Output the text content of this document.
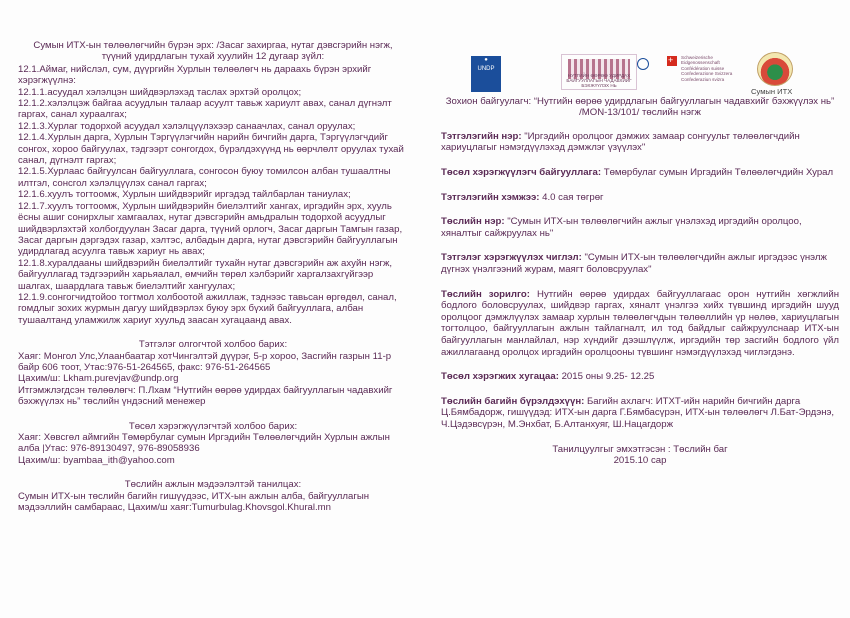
Сумын ИТХ-ын төлөөлөгчийн бүрэн эрх: /Засаг захиргаа, нутаг дэвсгэрийн нэгж, түүний удирдлагын тухай хуулийн 12 дугаар зүйл:

12.1.Аймаг, нийслэл, сум, дүүргийн Хурлын төлөөлөгч нь дараахь бүрэн эрхийг хэрэгжүүлнэ:

12.1.1.асуудал хэлэлцэн шийдвэрлэхэд таслах эрхтэй оролцох;

12.1.2.хэлэлцэж байгаа асуудлын талаар асуулт тавьж хариулт авах, санал дүгнэлт гаргах, санал хураалгах;

12.1.3.Хурлаг тодорхой асуудал хэлэлцүүлэхээр санаачлах, санал оруулах;

12.1.4.Хурлын дарга, Хурлын Тэргүүлэгчийн нарийн бичгийн дарга, Тэргүүлэгчдийг сонгох, хороо байгуулах, тэдгээрт сонгогдох, бүрэлдэхүүнд нь өөрчлөлт оруулах тухай санал, дүгнэлт гаргах;

12.1.5.Хурлаас байгуулсан байгууллага, сонгосон буюу томилсон албан тушаалтны илтгэл, сонсгол хэлэлцүүлэх санал гаргах;

12.1.6.хуулъ тогтоомж, Хурлын шийдвэрийг иргэдэд тайлбарлан таниулах;

12.1.7.хуулъ тогтоомж, Хурлын шийдвэрийн биелэлтийг хангах, иргэдийн эрх, хууль ёсны ашиг сонирхлыг хамгаалах, нутаг дэвсгэрийн амьдралын тодорхой асуудлыг шийдвэрлэхтэй холбогдуулан Засаг дарга, түүний орлогч, Засаг даргын Тамгын газар, Засаг даргын дэргэдэх газар, хэлтэс, албадын дарга, нутаг дэвсгэрийн байгууллагын удирдлагад асуулга тавьж хариуг нь авах;

12.1.8.хуралдааны шийдвэрийн биелэлтийг тухайн нутаг дэвсгэрийн аж ахуйн нэгж, байгууллагад тэдгээрийн харьяалал, өмчийн төрөл хэлбэрийг харгалзахгүйгээр шалгах, шаардлага тавьж биелэлтийг хангуулах;

12.1.9.сонгогчидтойоо тогтмол холбоотой ажиллаж, тэднээс тавьсан өргөдөл, санал, гомдлыг зохих журмын дагуу шийдвэрлэх буюу эрх бүхий байгууллага, албан тушаалтанд уламжилж хариуг хуульд заасан хугацаанд авах.

Тэтгэлэг олгогчтой холбоо барих:

Хаяг: Монгол Улс,Улаанбаатар хотЧингэлтэй дүүрэг, 5-р хороо, Засгийн газрын 11-р байр 606 тоот, Утас:976-51-264565, факс: 976-51-264565

Цахим/ш: Lkham.purevjav@undp.org

Итгэмжлэгдсэн төлөөлөгч: П.Лхам “Нутгийн өөрөө удирдах байгууллагын чадавхийг бэхжүүлэх нь” төслийн үндэсний менежер

Төсөл хэрэгжүүлэгчтэй холбоо барих:

Хаяг: Хөвсгөл аймгийн Төмөрбулаг сумын Иргэдийн Төлөөлөгчдийн Хурлын ажлын алба |Утас: 976-89130497, 976-89058936

Цахим/ш: byambaa_ith@yahoo.com

Төслийн ажлын мэдээлэлтэй танилцах:

Сумын ИТХ-ын төслийн багийн гишүүдээс, ИТХ-ын ажлын алба, байгууллагын мэдээллийн самбараас, Цахим/ш хаяг:Tumurbulag.Khovsgol.Khural.mn

●
UNDP
НУТГИЙН ӨӨРӨӨ УДИРДАХ БАЙГУУЛЛАГЫН ЧАДАВХИЙГ БЭХЖҮҮЛЭХ НЬ
+
Schweizerische Eidgenossenschaft Confédération suisse Confederazione Svizzera Confederaziun svizra
Сумын ИТХ

Зохион байгуулагч: “Нутгийн өөрөө удирдлагын байгууллагын чадавхийг бэхжүүлэх нь” /MON-13/101/ төслийн нэгж

Тэтгэлэгийн нэр: "Иргэдийн оролцоог дэмжих замаар сонгуульт төлөөлөгчдийн хариуцлагыг нэмэгдүүлэхэд дэмжлэг үзүүлэх"
Төсөл хэрэгжүүлэгч байгууллага: Төмөрбулаг сумын Иргэдийн Төлөөлөгчдийн Хурал
Тэтгэлэгийн хэмжээ: 4.0 сая төгрөг
Төслийн нэр: "Сумын ИТХ-ын төлөөлөгчийн ажлыг үнэлэхэд иргэдийн оролцоо, хяналтыг сайжруулах нь"
Тэтгэлэг хэрэгжүүлэх чиглэл: "Сумын ИТХ-ын төлөөлөгчдийн ажлыг иргэдээс үнэлж дүгнэх үнэлгээний журам, маягт боловсруулах"
Төслийн зорилго: Нутгийн өөрөө удирдах байгууллагаас орон нутгийн хөгжлийн бодлого боловсруулах, шийдвэр гаргах, хяналт үнэлгээ хийх түвшинд иргэдийн шууд оролцоог дэмжлүүлэх замаар хурлын төлөөлөгчдын төлөөллийн үр нөлөө, хариуцлагын тогтолцоо, байгууллагын ажлын тайлагналт, ил тод байдлыг сайжруулснаар ИТХ-ын байгууллагын манлайлал, нэр хүндийг дээшлүүлж, иргэдийн төр засгийн бодлого үйл ажиллагаанд оролцох иргэдийн оролцооны түвшинг нэмэгдүүлэхэд чиглэгдэнэ.
Төсөл хэрэгжих хугацаа: 2015 оны 9.25- 12.25
Төслийн багийн бүрэлдэхүүн: Багийн ахлагч: ИТХТ-ийн нарийн бичгийн дарга Ц.Бямбадорж, гишүүдэд: ИТХ-ын дарга Г.Бямбасүрэн, ИТХ-ын төлөөлөгч Л.Бат-Эрдэнэ, Ч.Цэдэвсүрэн, М.Энхбат, Б.Алтанхуяг, Ш.Нацагдорж
Танилцуулгыг эмхэтгэсэн : Төслийн баг
2015.10 сар
